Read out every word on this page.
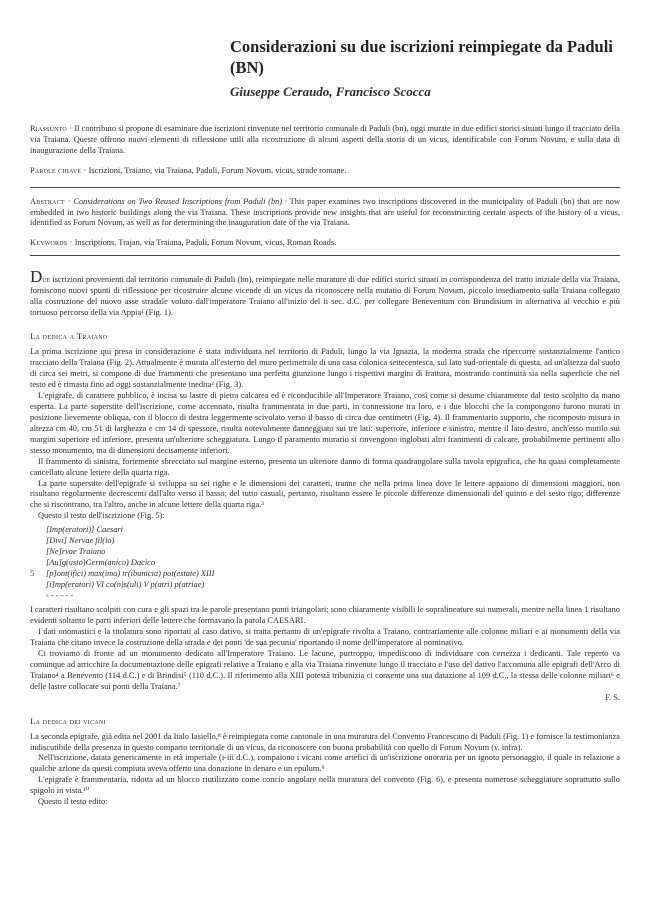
Considerazioni su due iscrizioni reimpiegate da Paduli (BN)
Giuseppe Ceraudo, Francisco Scocca
Riassunto · Il contributo si propone di esaminare due iscrizioni rinvenute nel territorio comunale di Paduli (bn), oggi murate in due edifici storici situati lungo il tracciato della via Traiana. Queste offrono nuovi elementi di riflessione utili alla ricostruzione di alcuni aspetti della storia di un vicus, identificabile con Forum Novum, e sulla data di inaugurazione della Traiana.
Parole chiave · Iscrizioni, Traiano, via Traiana, Paduli, Forum Novum, vicus, strade romane.
Abstract · Considerations on Two Reused Inscriptions from Paduli (bn) · This paper examines two inscriptions discovered in the municipality of Paduli (bn) that are now embedded in two historic buildings along the via Traiana. These inscriptions provide new insights that are useful for reconstructing certain aspects of the history of a vicus, identified as Forum Novum, as well as for determining the inauguration date of the via Traiana.
Keywords · Inscriptions, Trajan, via Traiana, Paduli, Forum Novum, vicus, Roman Roads.

Due iscrizioni provenienti dal territorio comunale di Paduli (bn), reimpiegate nelle murature di due edifici storici situati in corrispondenza del tratto iniziale della via Traiana, forniscono nuovi spunti di riflessione per ricostruire alcune vicende di un vicus da riconoscere nella mutatio di Forum Novum, piccolo insediamento sulla Traiana collegato alla costruzione del nuovo asse stradale voluto dall'imperatore Traiano all'inizio del ii sec. d.C. per collegare Beneventum con Brundisium in alternativa al vecchio e più tortuoso percorso della via Appia¹ (Fig. 1).

La dedica a Traiano

La prima iscrizione qui presa in considerazione è stata individuata nel territorio di Paduli, lungo la via Ignazia, la moderna strada che ripercorre sostanzialmente l'antico tracciato della Traiana (Fig. 2). Attualmente è murata all'esterno del muro perimetrale di una casa colonica settecentesca, sul lato sud-orientale di questa, ad un'altezza dal suolo di circa sei metri, si compone di due frammenti che presentano una perfetta giunzione lungo i rispettivi margini di frattura, mostrando continuità sia nella superficie che nel testo ed è rimasta fino ad oggi sostanzialmente inedita² (Fig. 3).

L'epigrafe, di carattere pubblico, è incisa su lastre di pietra calcarea ed è riconducibile all'Imperatore Traiano, così come si desume chiaramente dal testo scolpito da mano esperta. La parte superstite dell'iscrizione, come accennato, risulta frammentata in due parti, in connessione tra loro, e i due blocchi che la compongono furono murati in posizione lievemente obliqua, con il blocco di destra leggermente scivolato verso il basso di circa due centimetri (Fig. 4). Il frammentario supporto, che ricomposto misura in altezza cm 40, cm 51 di larghezza e cm 14 di spessore, risulta notevolmente danneggiato sui tre lati: superiore, inferiore e sinistro, mentre il lato destro, anch'esso mutilo sui margini superiore ed inferiore, presenta un'ulteriore scheggiatura. Lungo il paramento murario si rinvengono inglobati altri frammenti di calcare, probabilmente pertinenti allo stesso monumento, ma di dimensioni decisamente inferiori.

Il frammento di sinistra, fortemente sbrecciato sul margine esterno, presenta un ulteriore danno di forma quadrangolare sulla tavola epigrafica, che ha quasi completamente cancellato alcune lettere della quarta riga.

La parte superstite dell'epigrafe si sviluppa su sei righe e le dimensioni dei caratteri, tranne che nella prima linea dove le lettere appaiono di dimensioni maggiori, non risultano regolarmente decrescenti dall'alto verso il basso; del tutto casuali, pertanto, risultano essere le piccole differenze dimensionali del quinto e del sesto rigo; differenze che si riscontrano, tra l'altro, anche in alcune lettere della quarta riga.³

Questo il testo dell'iscrizione (Fig. 5):

[Imp(eratori)] Caesari
[Divi] Nervae fil(io)
[Ne]rvae Traiano
[Au]g(usto)Germ(anico) Dacico
5 [p]ont(ifici) max(imo) tr(ibunicia) pot(estate) XIII
[i]mp(eratori) VI co(n)s(uli) V p(atri) p(atriae)
- - - - - -

I caratteri risultano scolpiti con cura e gli spazi tra le parole presentano punti triangolari; sono chiaramente visibili le sopralineature sui numerali, mentre nella linea 1 risultano evidenti soltanto le parti inferiori delle lettere che formavano la parola CAESARI.

I dati onomastici e la titolatura sono riportati al caso dativo, si tratta pertanto di un'epigrafe rivolta a Traiano, contrariamente alle colonne miliari e ai monumenti della via Traiana che citano invece la costruzione della strada e dei ponti 'de sua pecunia' riportando il nome dell'imperatore al nominativo.

Ci troviamo di fronte ad un monumento dedicato all'Imperatore Traiano. Le lacune, purtroppo, impediscono di individuare con certezza i dedicanti. Tale reperto va comunque ad arricchire la documentazione delle epigrafi relative a Traiano e alla via Traiana rinvenute lungo il tracciato e l'uso del dativo l'accomuna alle epigrafi dell'Arco di Traiano⁴ a Benevento (114 d.C.) e di Brindisi⁵ (110 d.C.). Il riferimento alla XIII potestà tribunizia ci consente una sua datazione al 109 d.C., la stessa delle colonne miliari⁶ e delle lastre collocate sui ponti della Traiana.⁷

F. S.

La dedica dei vicani

La seconda epigrafe, già edita nel 2001 da Italo Iasiello,⁸ è reimpiegata come cantonale in una muratura del Convento Francescano di Paduli (Fig. 1) e fornisce la testimonianza indiscutibile della presenza in questo comparto territoriale di un vicus, da riconoscere con buona probabilità con quello di Forum Novum (v. infra).

Nell'iscrizione, datata genericamente in età imperiale (i-iii d.C.), compaiono i vicani come artefici di un'iscrizione onoraria per un ignoto personaggio, il quale in relazione a qualche azione da questi compiuta aveva offerto una donazione in denaro e un epulum.⁹

L'epigrafe è frammentaria, ridotta ad un blocco riutilizzato come concio angolare nella muratura del convento (Fig. 6), e presenta numerose scheggiature soprattutto sullo spigolo in vista.¹⁰

Questo il testo edito:
